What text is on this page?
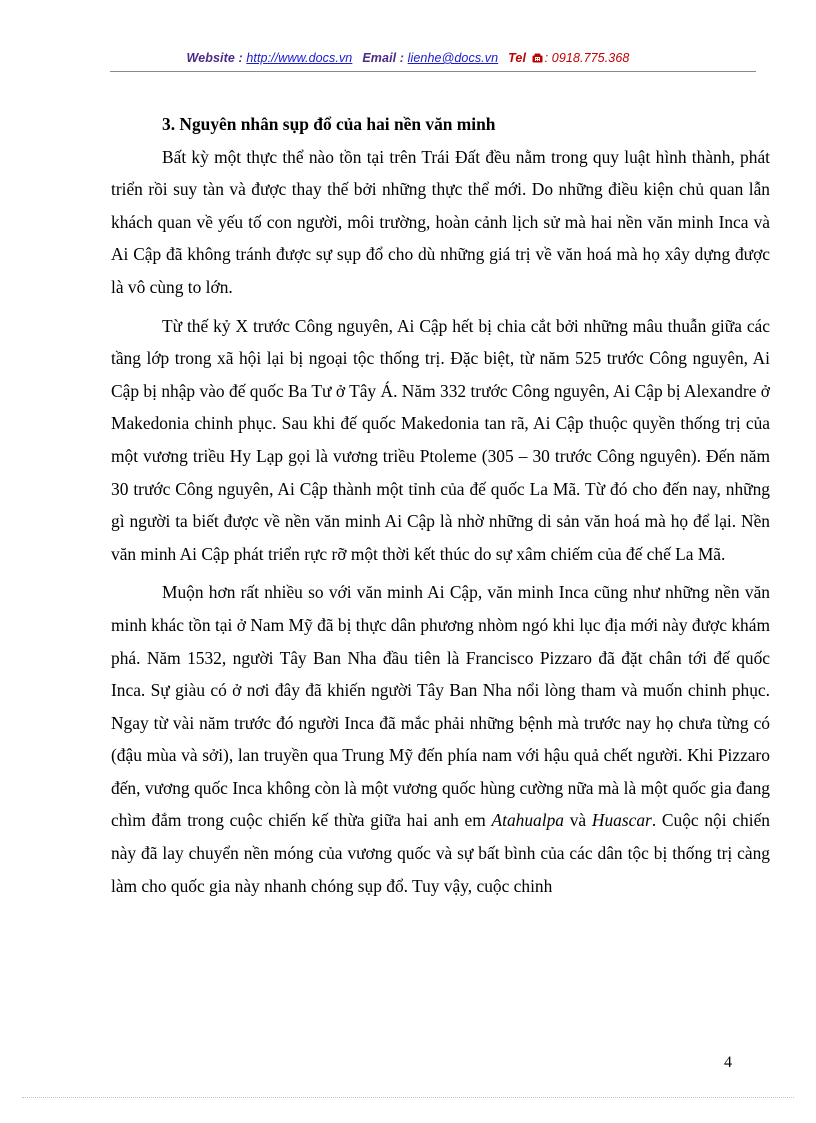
Website : http://www.docs.vn Email : lienhe@docs.vn Tel : 0918.775.368

3. Nguyên nhân sụp đổ của hai nền văn minh

Bất kỳ một thực thể nào tồn tại trên Trái Đất đều nằm trong quy luật hình thành, phát triển rồi suy tàn và được thay thế bởi những thực thể mới. Do những điều kiện chủ quan lẫn khách quan về yếu tố con người, môi trường, hoàn cảnh lịch sử mà hai nền văn minh Inca và Ai Cập đã không tránh được sự sụp đổ cho dù những giá trị về văn hoá mà họ xây dựng được là vô cùng to lớn.

Từ thế kỷ X trước Công nguyên, Ai Cập hết bị chia cắt bởi những mâu thuẫn giữa các tầng lớp trong xã hội lại bị ngoại tộc thống trị. Đặc biệt, từ năm 525 trước Công nguyên, Ai Cập bị nhập vào đế quốc Ba Tư ở Tây Á. Năm 332 trước Công nguyên, Ai Cập bị Alexandre ở Makedonia chinh phục. Sau khi đế quốc Makedonia tan rã, Ai Cập thuộc quyền thống trị của một vương triều Hy Lạp gọi là vương triều Ptoleme (305 – 30 trước Công nguyên). Đến năm 30 trước Công nguyên, Ai Cập thành một tỉnh của đế quốc La Mã. Từ đó cho đến nay, những gì người ta biết được về nền văn minh Ai Cập là nhờ những di sản văn hoá mà họ để lại. Nền văn minh Ai Cập phát triển rực rỡ một thời kết thúc do sự xâm chiếm của đế chế La Mã.

Muộn hơn rất nhiều so với văn minh Ai Cập, văn minh Inca cũng như những nền văn minh khác tồn tại ở Nam Mỹ đã bị thực dân phương nhòm ngó khi lục địa mới này được khám phá. Năm 1532, người Tây Ban Nha đầu tiên là Francisco Pizzaro đã đặt chân tới đế quốc Inca. Sự giàu có ở nơi đây đã khiến người Tây Ban Nha nổi lòng tham và muốn chinh phục. Ngay từ vài năm trước đó người Inca đã mắc phải những bệnh mà trước nay họ chưa từng có (đậu mùa và sởi), lan truyền qua Trung Mỹ đến phía nam với hậu quả chết người. Khi Pizzaro đến, vương quốc Inca không còn là một vương quốc hùng cường nữa mà là một quốc gia đang chìm đắm trong cuộc chiến kế thừa giữa hai anh em Atahualpa và Huascar. Cuộc nội chiến này đã lay chuyển nền móng của vương quốc và sự bất bình của các dân tộc bị thống trị càng làm cho quốc gia này nhanh chóng sụp đổ. Tuy vậy, cuộc chinh

4
